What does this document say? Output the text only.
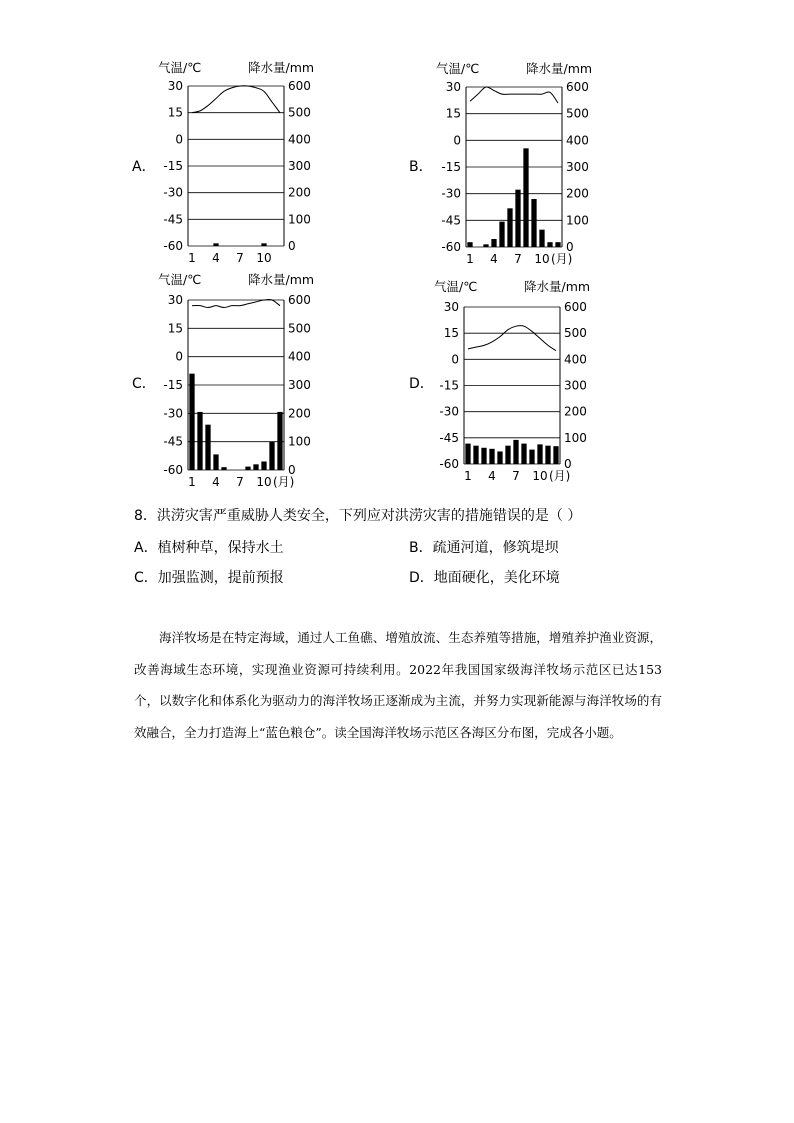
气温/℃	降水量/mm
30	600
15	500
0	400
-15	300
-30	200
-45	100
-60	0
1 4 7 10
A．
气温/℃	降水量/mm
30	600
15	500
0	400
-15	300
-30	200
-45	100
-60	0
1 4 7 10 (月)
B．
气温/℃	降水量/mm
30	600
15	500
0	400
-15	300
-30	200
-45	100
-60	0
1 4 7 10 (月)
C．
气温/℃	降水量/mm
30	600
15	500
0	400
-15	300
-30	200
-45	100
-60	0
1 4 7 10 (月)
D．
8．洪涝灾害严重威胁人类安全，下列应对洪涝灾害的措施错误的是（ ）
A．植树种草，保持水土	B．疏通河道，修筑堤坝
C．加强监测，提前预报	D．地面硬化，美化环境
海洋牧场是在特定海域，通过人工鱼礁、增殖放流、生态养殖等措施，增殖养护渔业资源，改善海域生态环境，实现渔业资源可持续利用。2022年我国国家级海洋牧场示范区已达153个，以数字化和体系化为驱动力的海洋牧场正逐渐成为主流，并努力实现新能源与海洋牧场的有效融合，全力打造海上“蓝色粮仓”。读全国海洋牧场示范区各海区分布图，完成各小题。
